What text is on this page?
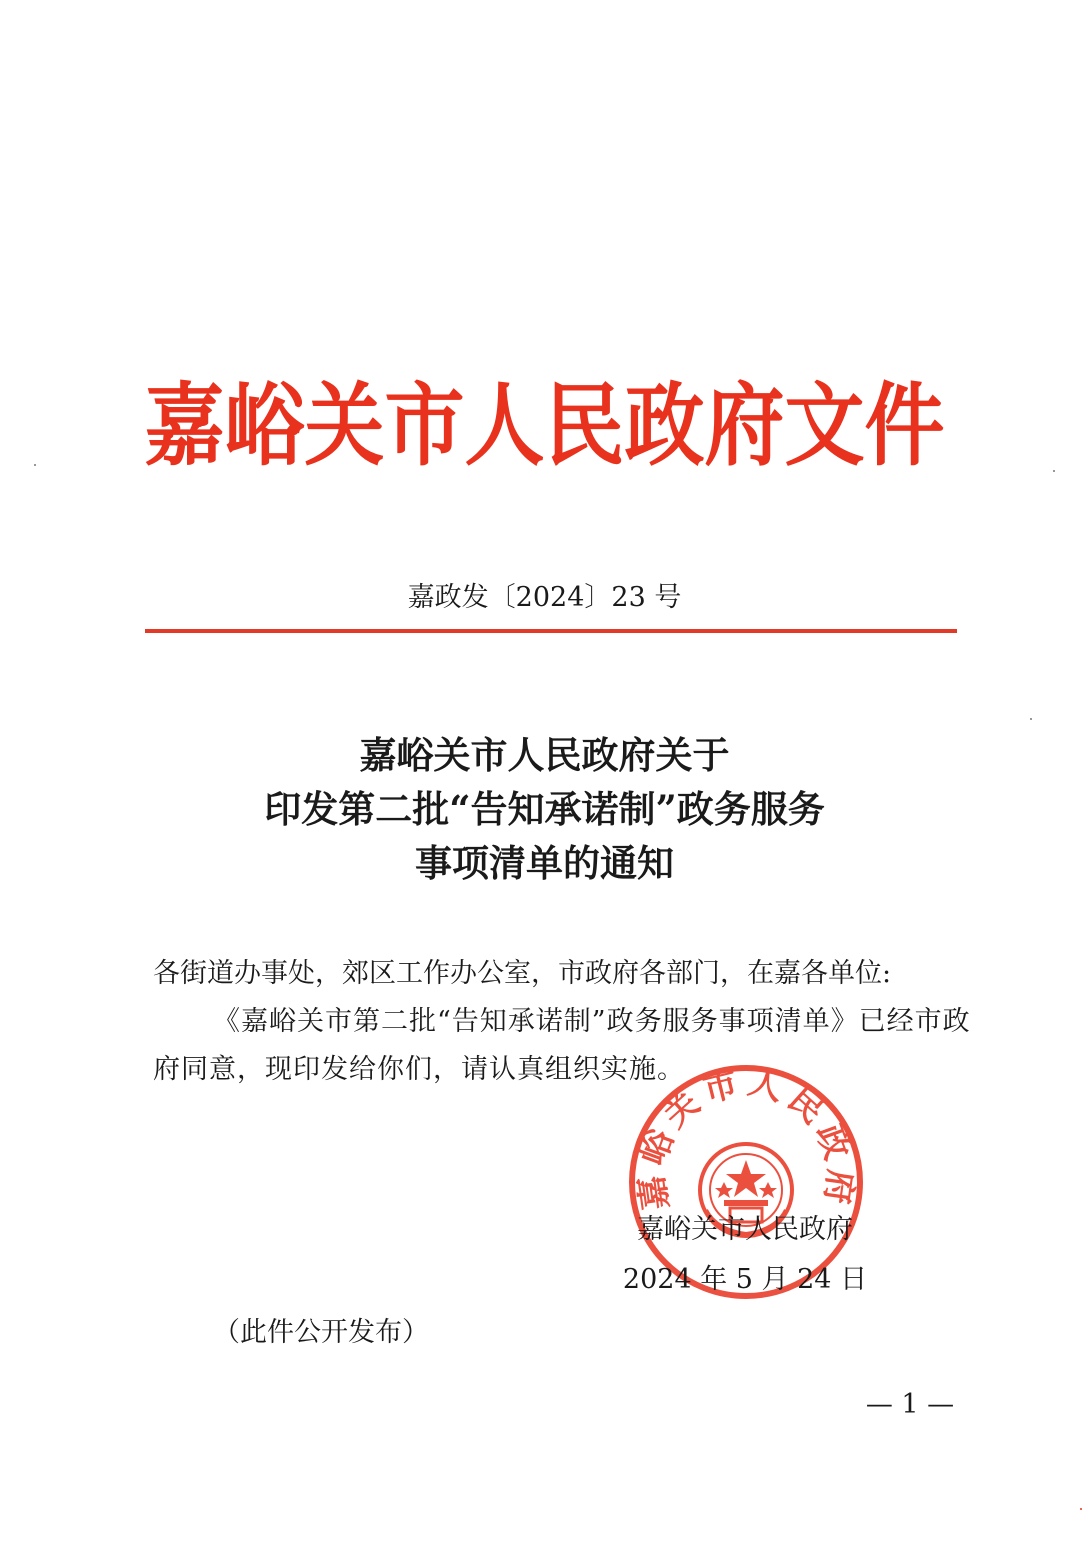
嘉峪关市人民政府文件
嘉政发〔2024〕23 号
嘉峪关市人民政府关于
印发第二批“告知承诺制”政务服务
事项清单的通知
各街道办事处，郊区工作办公室，市政府各部门，在嘉各单位:
《嘉峪关市第二批“告知承诺制”政务服务事项清单》已经市政府同意，现印发给你们，请认真组织实施。
嘉峪关市人民政府
嘉峪关市人民政府
2024 年 5 月 24 日
（此件公开发布）
— 1 —
